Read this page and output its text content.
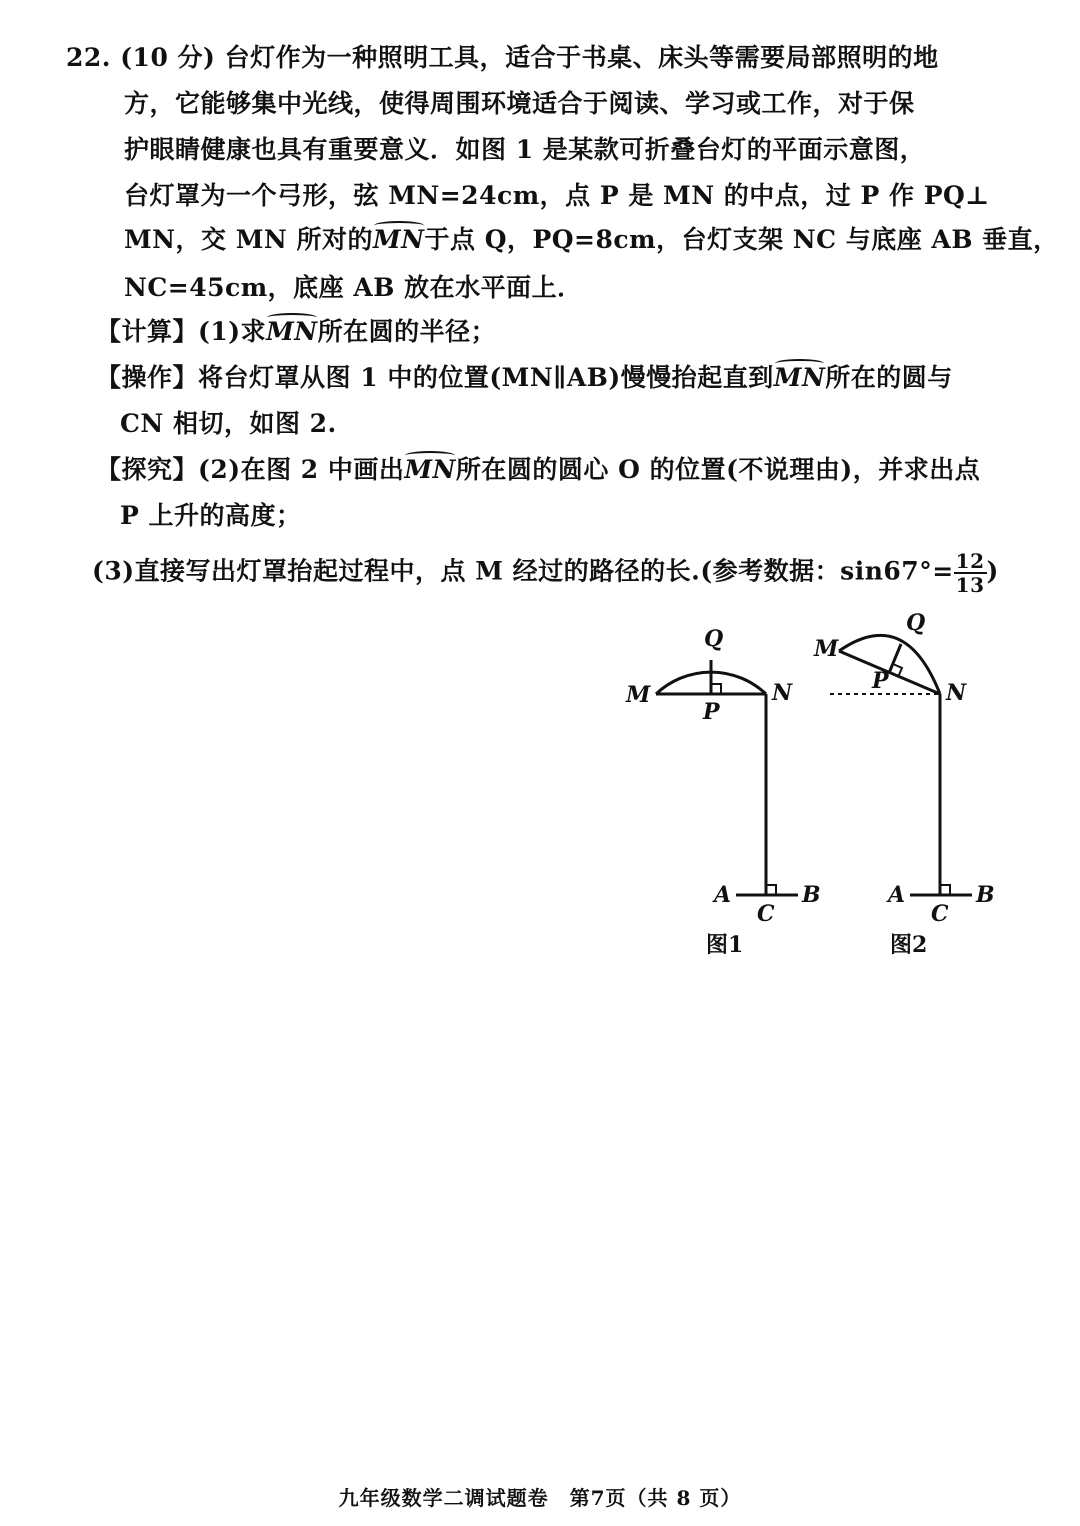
22. (10 分) 台灯作为一种照明工具，适合于书桌、床头等需要局部照明的地
方，它能够集中光线，使得周围环境适合于阅读、学习或工作，对于保
护眼睛健康也具有重要意义．如图 1 是某款可折叠台灯的平面示意图，
台灯罩为一个弓形，弦 MN=24cm，点 P 是 MN 的中点，过 P 作 PQ⊥
MN，交 MN 所对的MN于点 Q，PQ=8cm，台灯支架 NC 与底座 AB 垂直，
NC=45cm，底座 AB 放在水平面上．
【计算】(1)求MN所在圆的半径；
【操作】将台灯罩从图 1 中的位置(MN∥AB)慢慢抬起直到MN所在的圆与
CN 相切，如图 2.
【探究】(2)在图 2 中画出MN所在圆的圆心 O 的位置(不说理由)，并求出点
P 上升的高度；
(3)直接写出灯罩抬起过程中，点 M 经过的路径的长.(参考数据：$\sin 67^\circ= \frac{12}{13}$ )
Q
M	N
P
A	B
C
图1
Q
M
N
P
A	B
C
图2
九年级数学二调试题卷　第7页（共 8 页）
